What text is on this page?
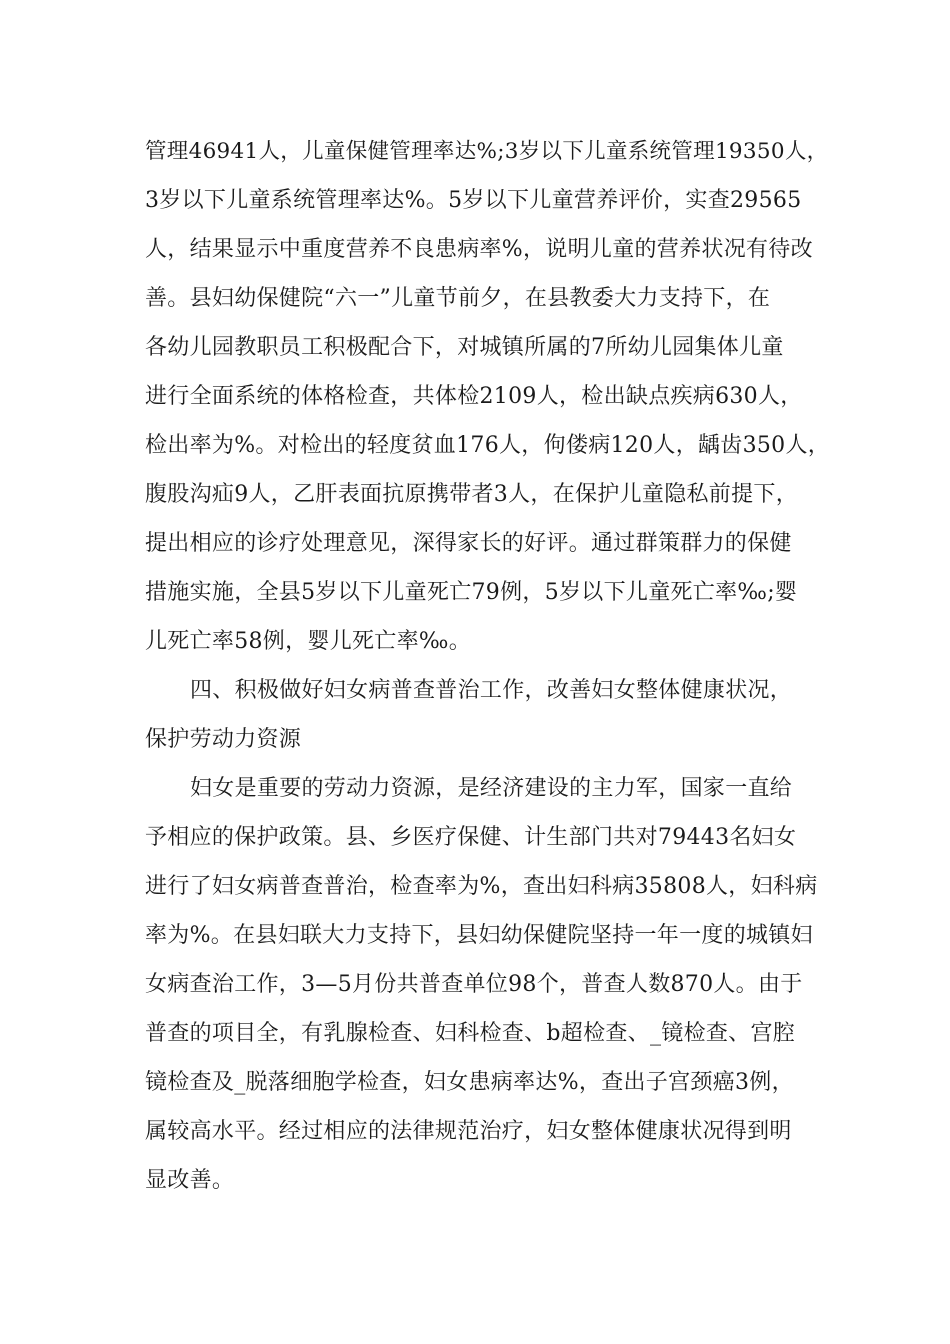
管理46941人，儿童保健管理率达%;3岁以下儿童系统管理19350人，
3岁以下儿童系统管理率达%。5岁以下儿童营养评价，实查29565
人，结果显示中重度营养不良患病率%，说明儿童的营养状况有待改
善。县妇幼保健院“六一”儿童节前夕，在县教委大力支持下，在
各幼儿园教职员工积极配合下，对城镇所属的7所幼儿园集体儿童
进行全面系统的体格检查，共体检2109人，检出缺点疾病630人，
检出率为%。对检出的轻度贫血176人，佝偻病120人，龋齿350人，
腹股沟疝9人，乙肝表面抗原携带者3人，在保护儿童隐私前提下，
提出相应的诊疗处理意见，深得家长的好评。通过群策群力的保健
措施实施，全县5岁以下儿童死亡79例，5岁以下儿童死亡率‰;婴
儿死亡率58例，婴儿死亡率‰。
四、积极做好妇女病普查普治工作，改善妇女整体健康状况，
保护劳动力资源
妇女是重要的劳动力资源，是经济建设的主力军，国家一直给
予相应的保护政策。县、乡医疗保健、计生部门共对79443名妇女
进行了妇女病普查普治，检查率为%，查出妇科病35808人，妇科病
率为%。在县妇联大力支持下，县妇幼保健院坚持一年一度的城镇妇
女病查治工作，3—5月份共普查单位98个，普查人数870人。由于
普查的项目全，有乳腺检查、妇科检查、b超检查、_镜检查、宫腔
镜检查及_脱落细胞学检查，妇女患病率达%，查出子宫颈癌3例，
属较高水平。经过相应的法律规范治疗，妇女整体健康状况得到明
显改善。
